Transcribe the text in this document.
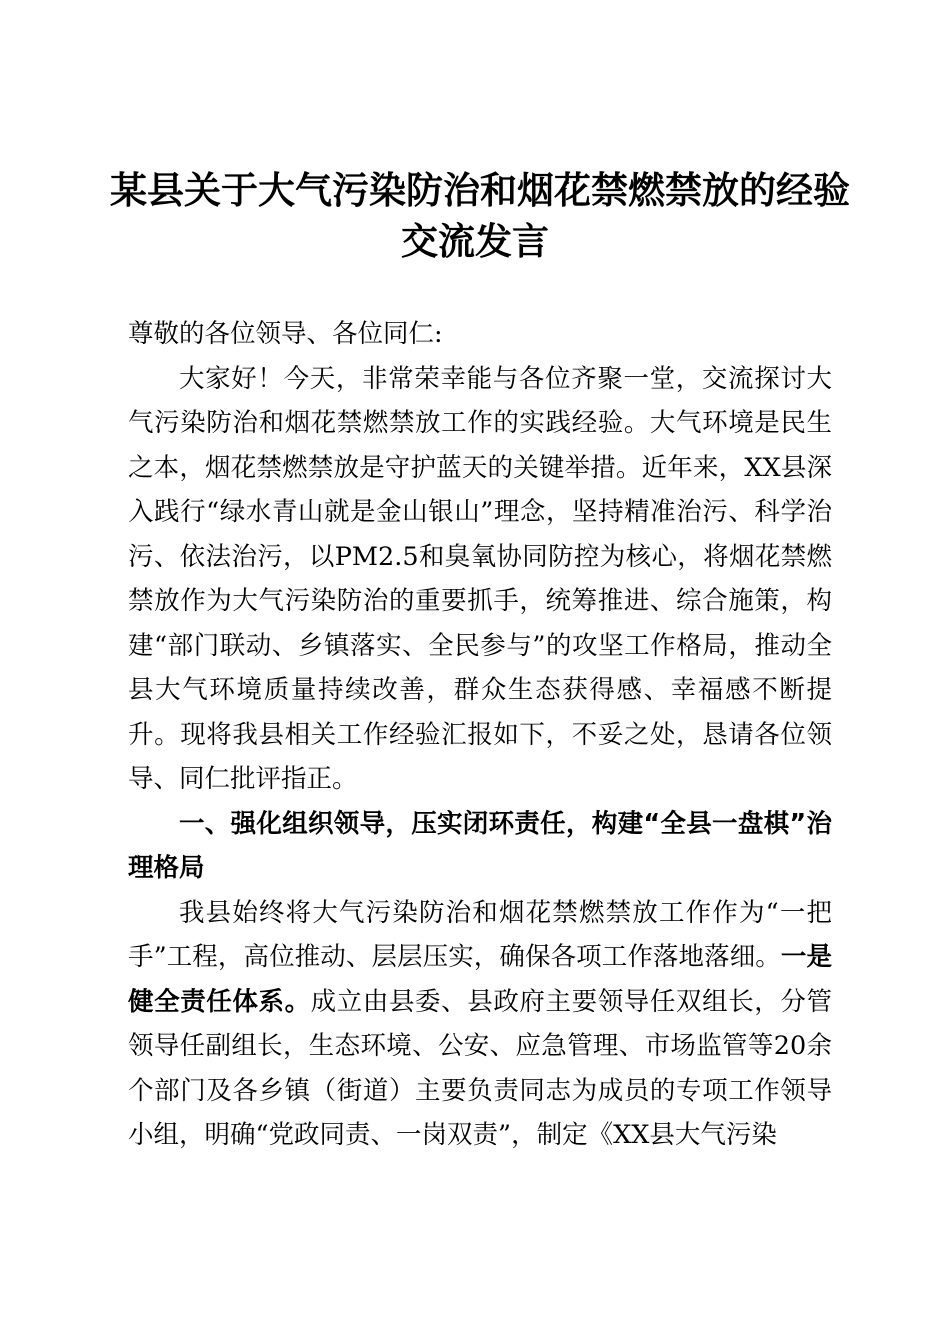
某县关于大气污染防治和烟花禁燃禁放的经验
交流发言

尊敬的各位领导、各位同仁:

大家好！今天，非常荣幸能与各位齐聚一堂，交流探讨大气污染防治和烟花禁燃禁放工作的实践经验。大气环境是民生之本，烟花禁燃禁放是守护蓝天的关键举措。近年来，XX县深入践行“绿水青山就是金山银山”理念，坚持精准治污、科学治污、依法治污，以PM2.5和臭氧协同防控为核心，将烟花禁燃禁放作为大气污染防治的重要抓手，统筹推进、综合施策，构建“部门联动、乡镇落实、全民参与”的攻坚工作格局，推动全县大气环境质量持续改善，群众生态获得感、幸福感不断提升。现将我县相关工作经验汇报如下，不妥之处，恳请各位领导、同仁批评指正。

一、强化组织领导，压实闭环责任，构建“全县一盘棋”治理格局

我县始终将大气污染防治和烟花禁燃禁放工作作为“一把手”工程，高位推动、层层压实，确保各项工作落地落细。一是健全责任体系。成立由县委、县政府主要领导任双组长，分管领导任副组长，生态环境、公安、应急管理、市场监管等20余个部门及各乡镇（街道）主要负责同志为成员的专项工作领导小组，明确“党政同责、一岗双责”，制定《XX县大气污染
